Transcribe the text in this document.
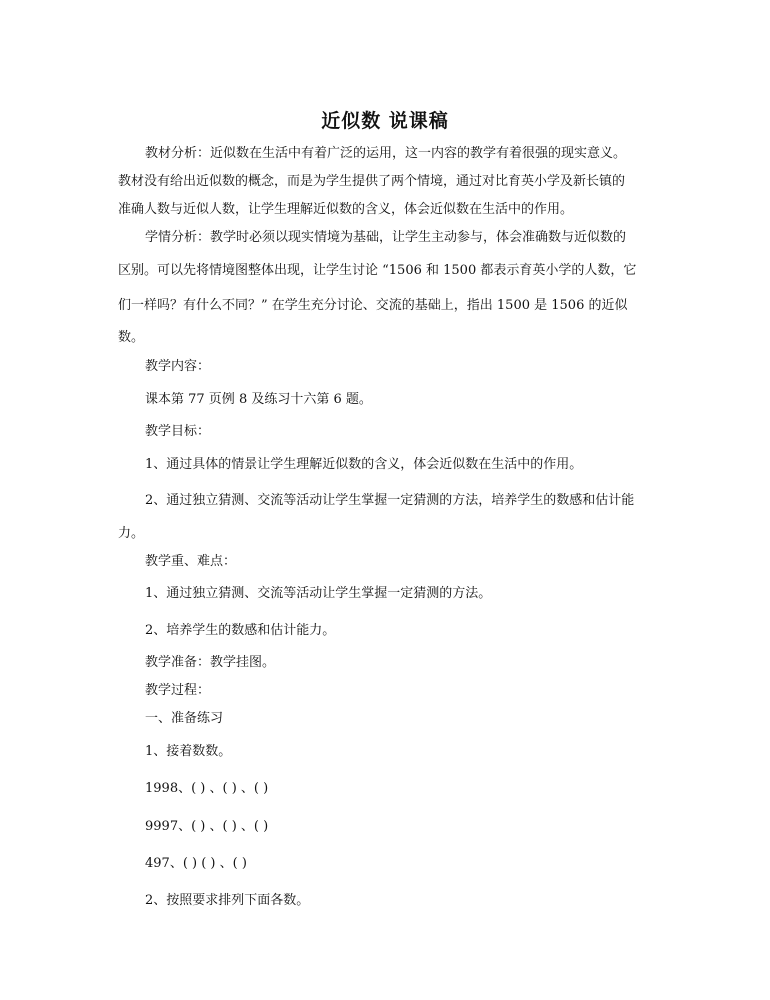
近似数 说课稿
教材分析：近似数在生活中有着广泛的运用，这一内容的教学有着很强的现实意义。
教材没有给出近似数的概念，而是为学生提供了两个情境，通过对比育英小学及新长镇的
准确人数与近似人数，让学生理解近似数的含义，体会近似数在生活中的作用。
学情分析：教学时必须以现实情境为基础，让学生主动参与，体会准确数与近似数的
区别。可以先将情境图整体出现，让学生讨论 “1506 和 1500 都表示育英小学的人数，它
们一样吗？有什么不同？” 在学生充分讨论、交流的基础上，指出 1500 是 1506 的近似
数。
教学内容：
课本第 77 页例 8 及练习十六第 6 题。
教学目标：
1、通过具体的情景让学生理解近似数的含义，体会近似数在生活中的作用。
2、通过独立猜测、交流等活动让学生掌握一定猜测的方法，培养学生的数感和估计能
力。
教学重、难点：
1、通过独立猜测、交流等活动让学生掌握一定猜测的方法。
2、培养学生的数感和估计能力。
教学准备：教学挂图。
教学过程：
一、准备练习
1、接着数数。
1998、( ) 、( ) 、( )
9997、( ) 、( ) 、( )
497、( ) ( ) 、( )
2、按照要求排列下面各数。
